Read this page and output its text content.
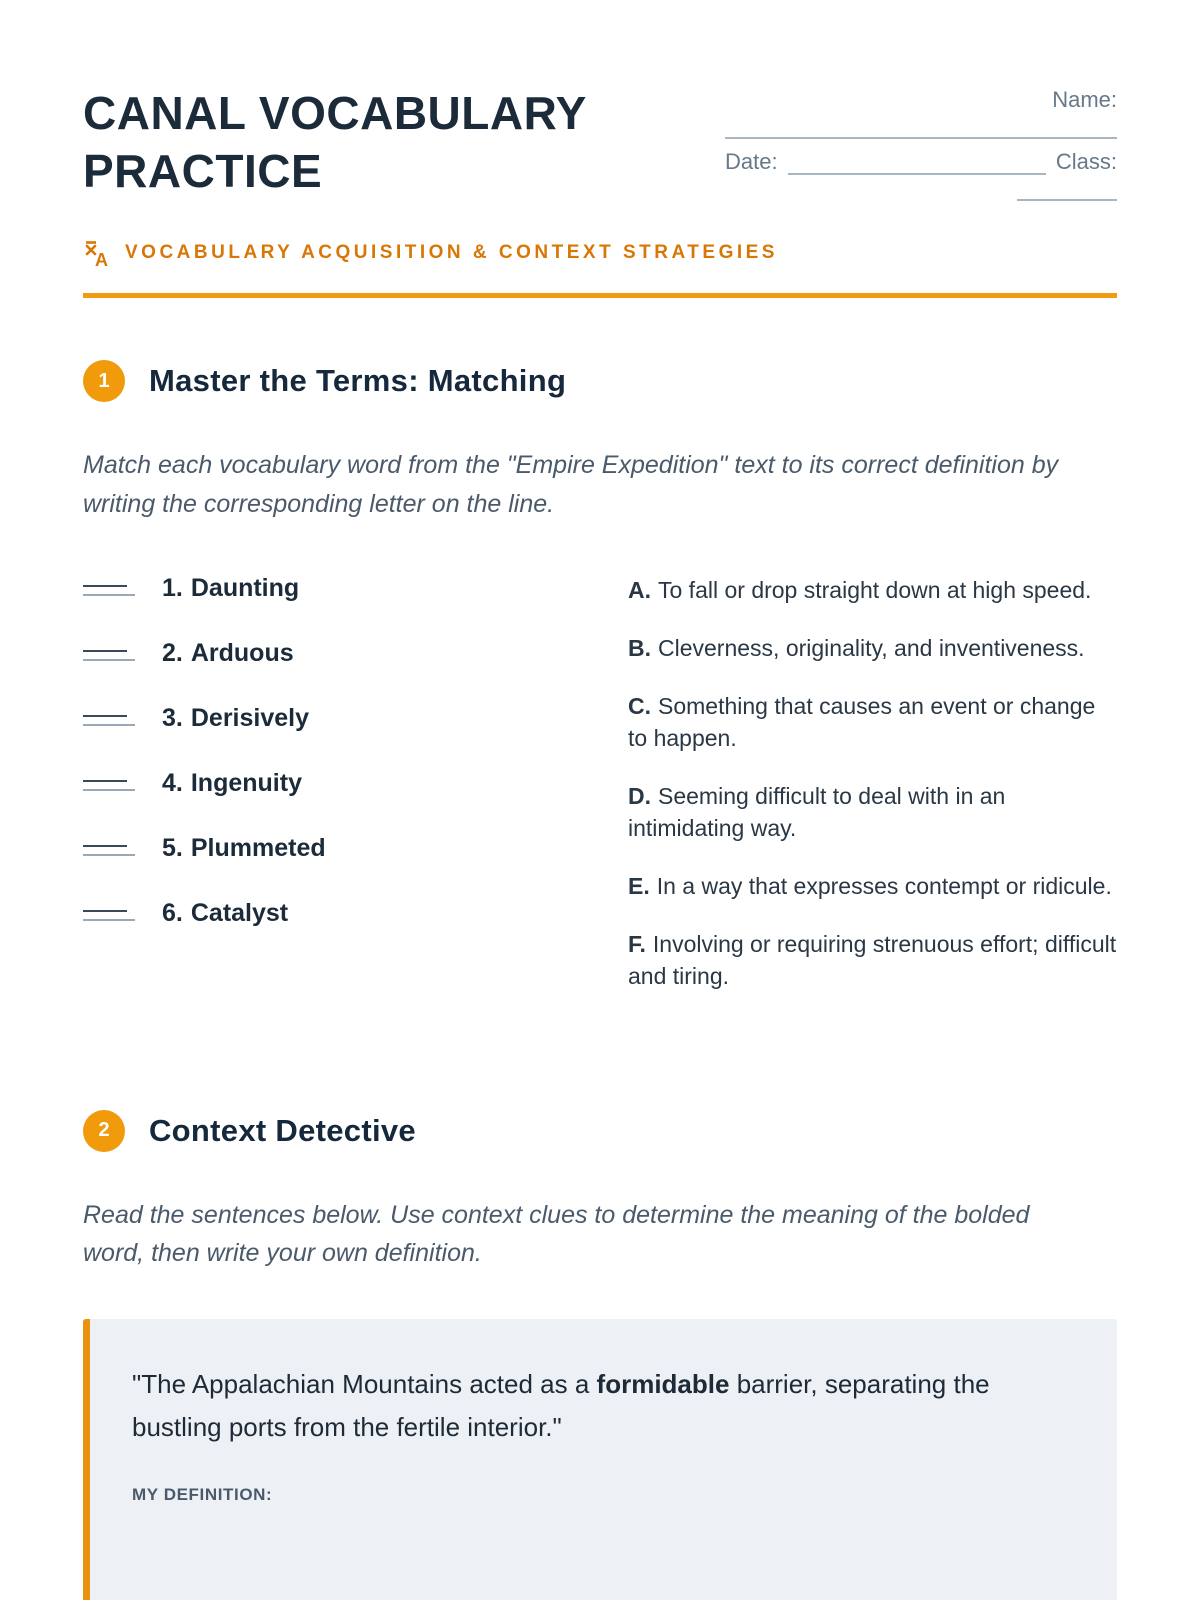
CANAL VOCABULARY PRACTICE
Name:
Date:	Class:
A VOCABULARY ACQUISITION & CONTEXT STRATEGIES
1	Master the Terms: Matching

Match each vocabulary word from the "Empire Expedition" text to its correct definition by writing the corresponding letter on the line.

1. Daunting
2. Arduous
3. Derisively
4. Ingenuity
5. Plummeted
6. Catalyst

A. To fall or drop straight down at high speed.

B. Cleverness, originality, and inventiveness.

C. Something that causes an event or change to happen.

D. Seeming difficult to deal with in an intimidating way.

E. In a way that expresses contempt or ridicule.

F. Involving or requiring strenuous effort; difficult and tiring.

2	Context Detective

Read the sentences below. Use context clues to determine the meaning of the bolded word, then write your own definition.

"The Appalachian Mountains acted as a formidable barrier, separating the bustling ports from the fertile interior."

MY DEFINITION:
